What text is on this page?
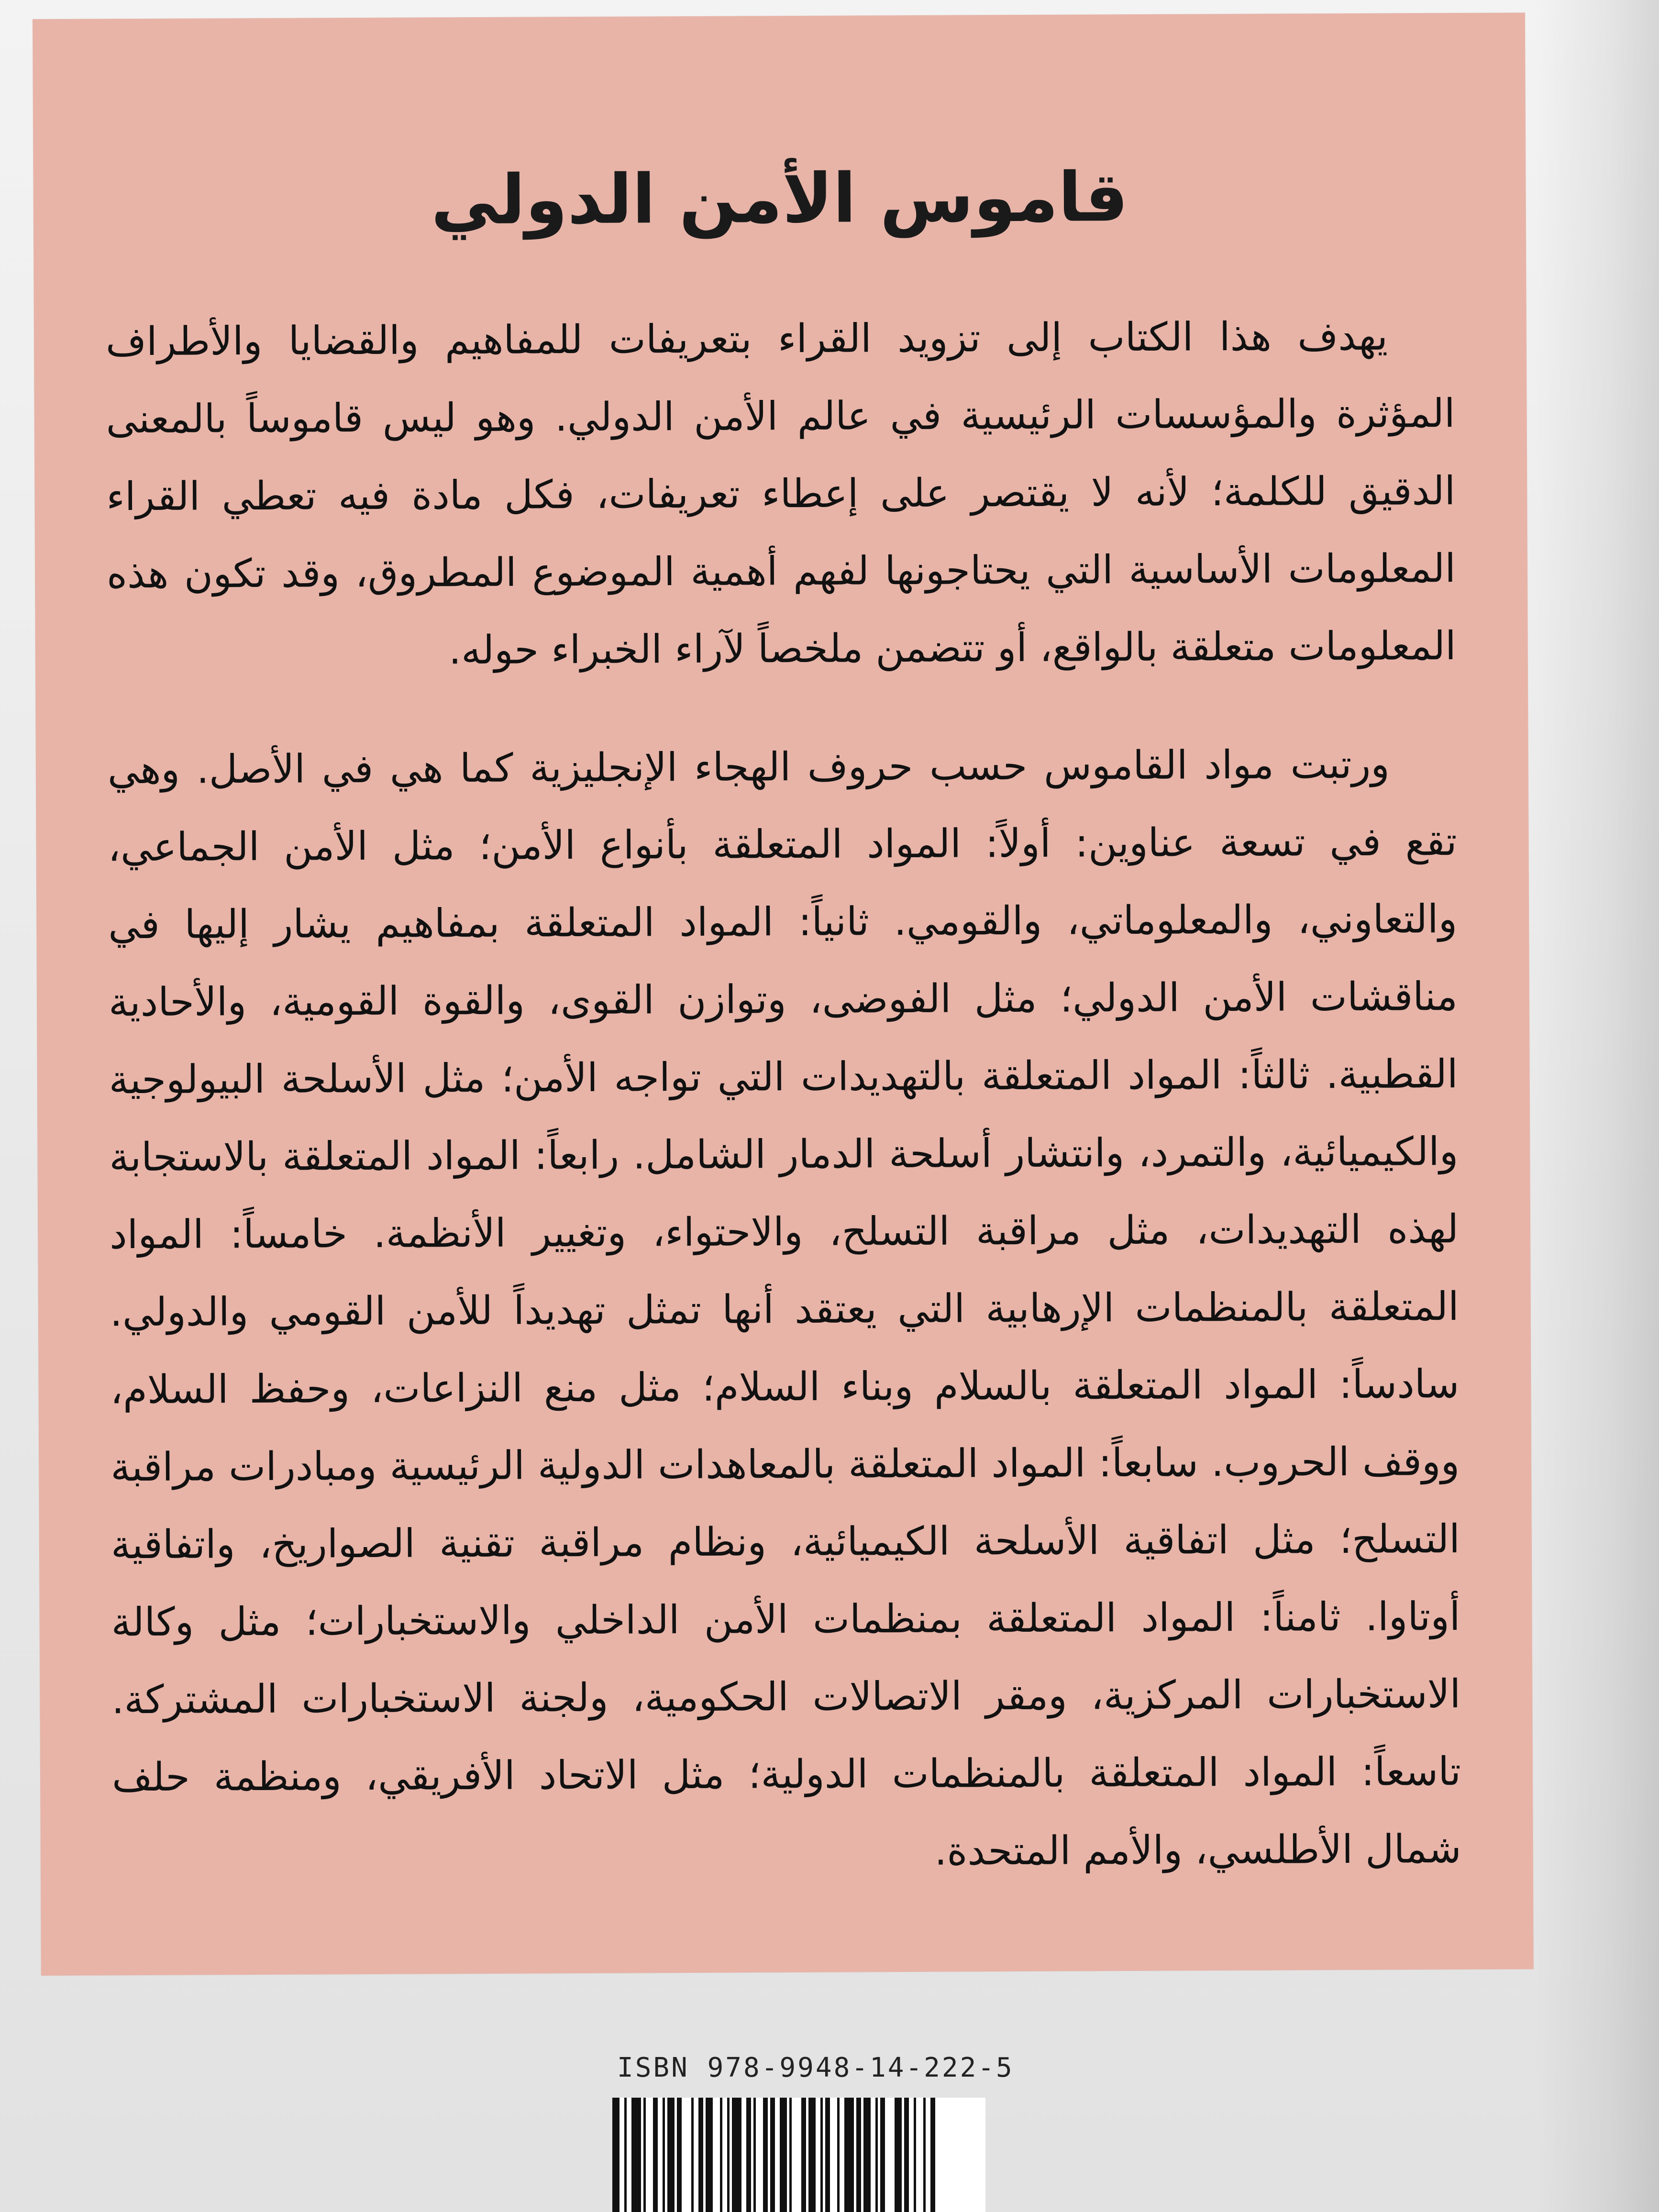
قاموس الأمن الدولي
يهدف هذا الكتاب إلى تزويد القراء بتعريفات للمفاهيم والقضايا والأطراف المؤثرة والمؤسسات الرئيسية في عالم الأمن الدولي. وهو ليس قاموساً بالمعنى الدقيق للكلمة؛ لأنه لا يقتصر على إعطاء تعريفات، فكل مادة فيه تعطي القراء المعلومات الأساسية التي يحتاجونها لفهم أهمية الموضوع المطروق، وقد تكون هذه المعلومات متعلقة بالواقع، أو تتضمن ملخصاً لآراء الخبراء حوله.
ورتبت مواد القاموس حسب حروف الهجاء الإنجليزية كما هي في الأصل. وهي تقع في تسعة عناوين: أولاً: المواد المتعلقة بأنواع الأمن؛ مثل الأمن الجماعي، والتعاوني، والمعلوماتي، والقومي. ثانياً: المواد المتعلقة بمفاهيم يشار إليها في مناقشات الأمن الدولي؛ مثل الفوضى، وتوازن القوى، والقوة القومية، والأحادية القطبية. ثالثاً: المواد المتعلقة بالتهديدات التي تواجه الأمن؛ مثل الأسلحة البيولوجية والكيميائية، والتمرد، وانتشار أسلحة الدمار الشامل. رابعاً: المواد المتعلقة بالاستجابة لهذه التهديدات، مثل مراقبة التسلح، والاحتواء، وتغيير الأنظمة. خامساً: المواد المتعلقة بالمنظمات الإرهابية التي يعتقد أنها تمثل تهديداً للأمن القومي والدولي. سادساً: المواد المتعلقة بالسلام وبناء السلام؛ مثل منع النزاعات، وحفظ السلام، ووقف الحروب. سابعاً: المواد المتعلقة بالمعاهدات الدولية الرئيسية ومبادرات مراقبة التسلح؛ مثل اتفاقية الأسلحة الكيميائية، ونظام مراقبة تقنية الصواريخ، واتفاقية أوتاوا. ثامناً: المواد المتعلقة بمنظمات الأمن الداخلي والاستخبارات؛ مثل وكالة الاستخبارات المركزية، ومقر الاتصالات الحكومية، ولجنة الاستخبارات المشتركة. تاسعاً: المواد المتعلقة بالمنظمات الدولية؛ مثل الاتحاد الأفريقي، ومنظمة حلف شمال الأطلسي، والأمم المتحدة.
ISBN 978-9948-14-222-5
